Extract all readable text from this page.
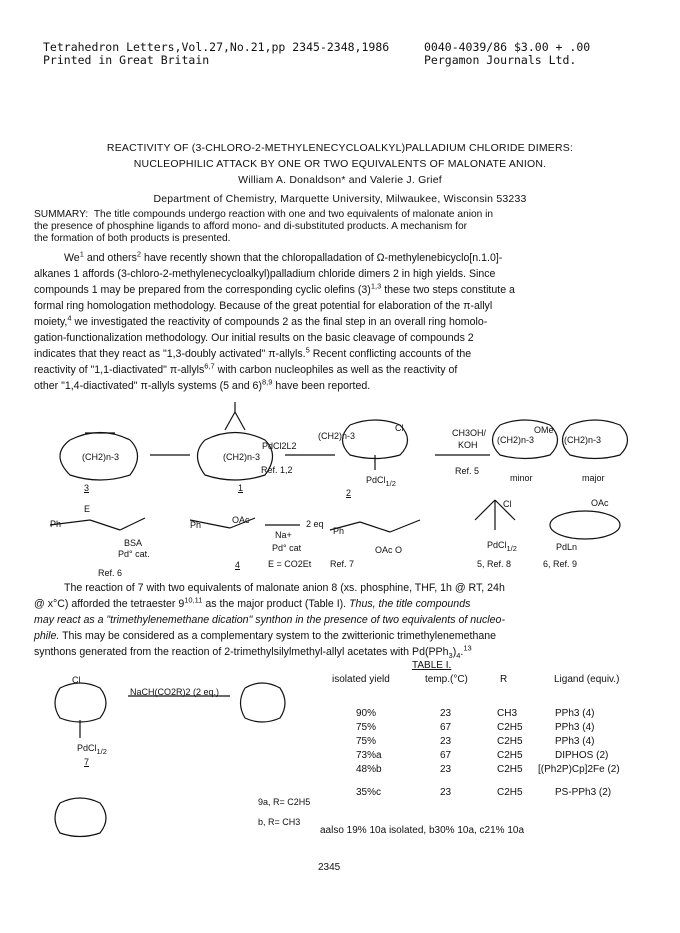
Tetrahedron Letters,Vol.27,No.21,pp 2345-2348,1986
Printed in Great Britain
0040-4039/86 $3.00 + .00
Pergamon Journals Ltd.
REACTIVITY OF (3-CHLORO-2-METHYLENECYCLOALKYL)PALLADIUM CHLORIDE DIMERS:
NUCLEOPHILIC ATTACK BY ONE OR TWO EQUIVALENTS OF MALONATE ANION.
William A. Donaldson* and Valerie J. Grief
Department of Chemistry, Marquette University, Milwaukee, Wisconsin 53233
SUMMARY: The title compounds undergo reaction with one and two equivalents of malonate anion in
the presence of phosphine ligands to afford mono- and di-substituted products. A mechanism for
the formation of both products is presented.
We$^1$ and others$^2$ have recently shown that the chloropalladation of Ω-methylenebicyclo[n.1.0]-
alkanes 1 affords (3-chloro-2-methylenecycloalkyl)palladium chloride dimers 2 in high yields. Since
compounds 1 may be prepared from the corresponding cyclic olefins $(3)^{1,3}$ these two steps constitute a
formal ring homologation methodology. Because of the great potential for elaboration of the π-allyl
moiety,$^4$ we investigated the reactivity of compounds 2 as the final step in an overall ring homolo-
gation-functionalization methodology. Our initial results on the basic cleavage of compounds 2
indicates that they react as "1,3-doubly activated" π-allyls.$^5$ Recent conflicting accounts of the
reactivity of "1,1-diactivated" π-allyls$^{6,7}$ with carbon nucleophiles as well as the reactivity of
other "1,4-diactivated" π-allyls systems (5 and 6)$^{8,9}$ have been reported.
(CH2)n-3
3
(CH2)n-3
1
PdCl2L2
Ref. 1,2
(CH2)n-3
Cl
PdCl$_{1/2}$
2
CH3OH/
KOH
Ref. 5
(CH2)n-3
OMe
(CH2)n-3
minor	major
Ph
E
BSA
Pd° cat.
Ref. 6
Ph	OAc
4
Na+
2 eq
Pd° cat
E = CO2Et Ref. 7
Ph
OAc O
Cl
PdCl$_{1/2}$
5, Ref. 8
OAc
PdLn
6, Ref. 9
The reaction of 7 with two equivalents of malonate anion 8 (xs. phosphine, THF, 1h @ RT, 24h
@ x°C) afforded the tetraester 9$^{10,11}$ as the major product (Table I). Thus, the title compounds
may react as a "trimethylenemethane dication" synthon in the presence of two equivalents of nucleo-
phile. This may be considered as a complementary system to the zwitterionic trimethylenemethane
synthons generated from the reaction of 2-trimethylsilylmethyl-allyl acetates with $Pd(PPh_3)_4.^{13}$
TABLE I.
Cl
PdCl$_{1/2}$
7
NaCH(CO2R)2 (2 eq.)
9a, R= C2H5
b, R= CH3
isolated yield	temp.(°C)	R	Ligand (equiv.)
90%	23	CH3	PPh3 (4)
75%	67	C2H5	PPh3 (4)
75%	23	C2H5	PPh3 (4)
73%a	67	C2H5	DIPHOS (2)
48%b	23	C2H5 [(Ph2P)Cp]2Fe (2)
35%c	23	C2H5	PS-PPh3 (2)
aalso 19% 10a isolated, b30% 10a, c21% 10a
2345
